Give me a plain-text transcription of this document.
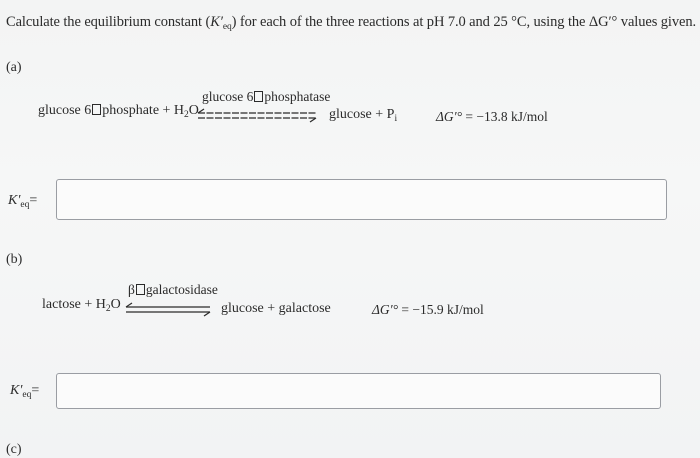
Calculate the equilibrium constant $(K'_{eq})$ for each of the three reactions at pH 7.0 and 25 °C, using the ΔG′° values given.
(a)
glucose 6 phosphatase
glucose 6 phosphate + $H_2O$	$glucose + P_i$	ΔG′° = −13.8 kJ/mol
$K'_{eq}=$
(b)
β galactosidase
lactose + $H_2O$	glucose + galactose	ΔG′° = −15.9 kJ/mol
$K'_{eq}=$
(c)
